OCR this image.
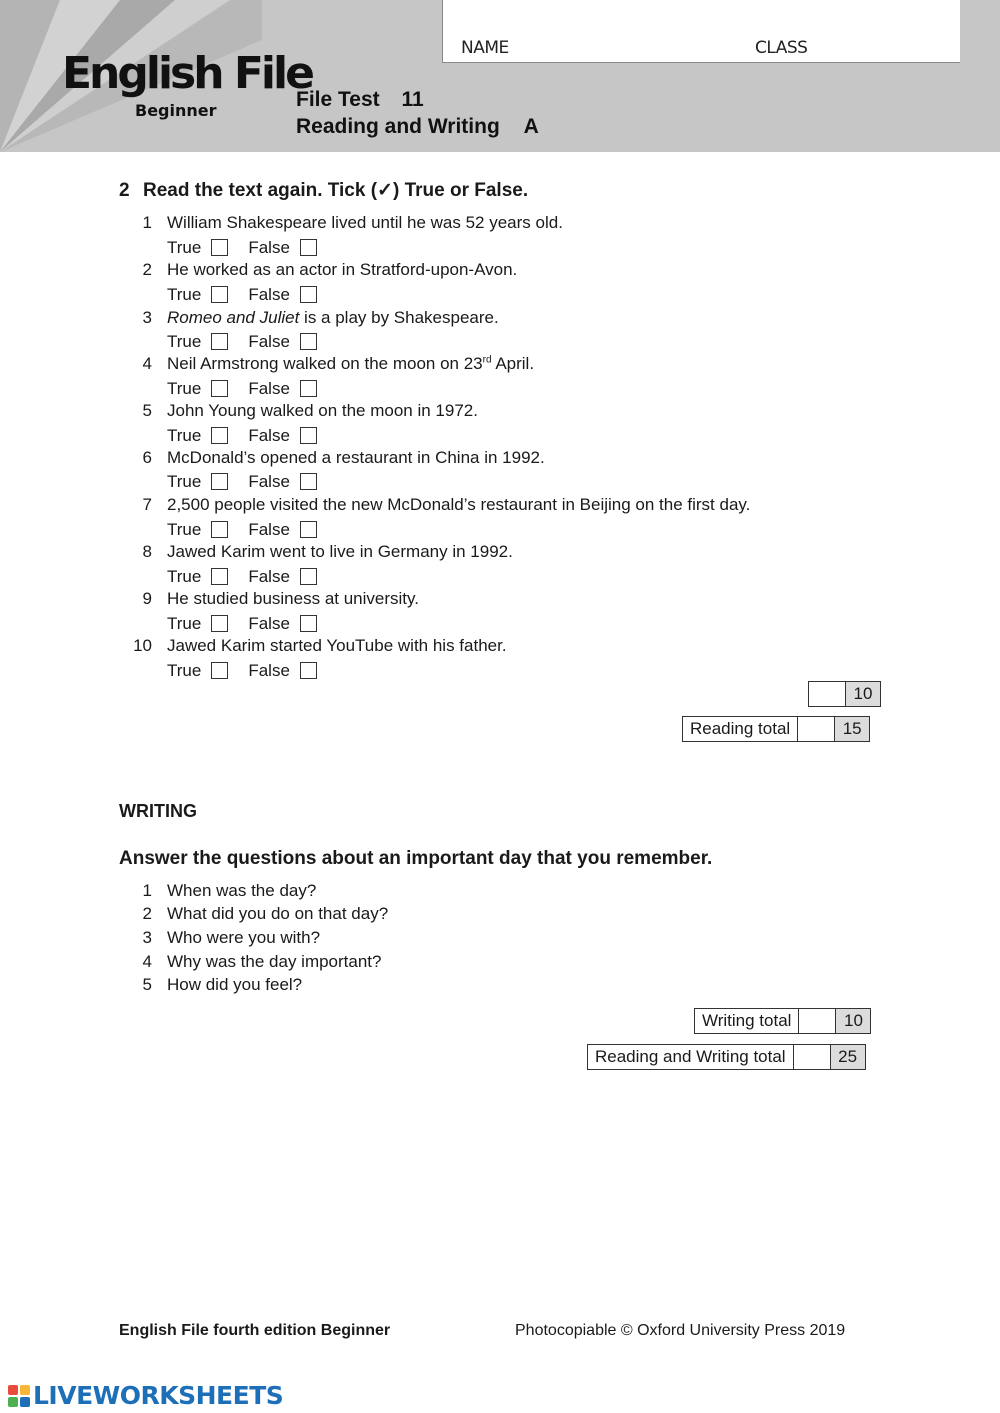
English File
Beginner
NAME	CLASS
File Test 11
Reading and Writing A
2 Read the text again. Tick (✓) True or False.
1 William Shakespeare lived until he was 52 years old.
True	False
2 He worked as an actor in Stratford-upon-Avon.
True	False
3 Romeo and Juliet is a play by Shakespeare.
True	False
4 Neil Armstrong walked on the moon on 23rd April.
True	False
5 John Young walked on the moon in 1972.
True	False
6 McDonald’s opened a restaurant in China in 1992.
True	False
7 2,500 people visited the new McDonald’s restaurant in Beijing on the first day.
True	False
8 Jawed Karim went to live in Germany in 1992.
True	False
9 He studied business at university.
True	False
10 Jawed Karim started YouTube with his father.
True	False
10
Reading total	15
WRITING
Answer the questions about an important day that you remember.
1 When was the day?
2 What did you do on that day?
3 Who were you with?
4 Why was the day important?
5 How did you feel?
Writing total	10
Reading and Writing total	25
English File fourth edition Beginner	Photocopiable © Oxford University Press 2019
LIVEWORKSHEETS
